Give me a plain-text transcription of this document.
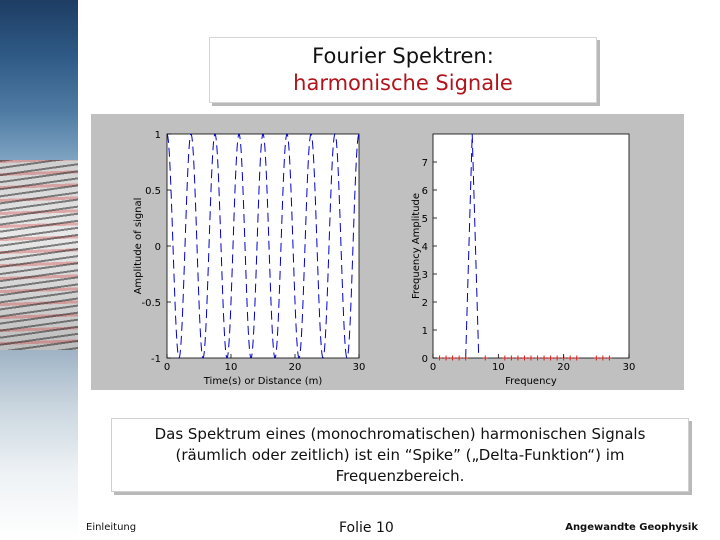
Fourier Spektren:
harmonische Signale
0	10	20	30
-1
-0.5
0
0.5
1
Time(s) or Distance (m)
Amplitude of signal
0	10	20	30
0
1
2
3
4
5
6
7
Frequency
Frequency Amplitude
Das Spektrum eines (monochromatischen) harmonischen Signals
(räumlich oder zeitlich) ist ein “Spike” („Delta-Funktion“) im
Frequenzbereich.
Einleitung	Folie 10	Angewandte Geophysik
